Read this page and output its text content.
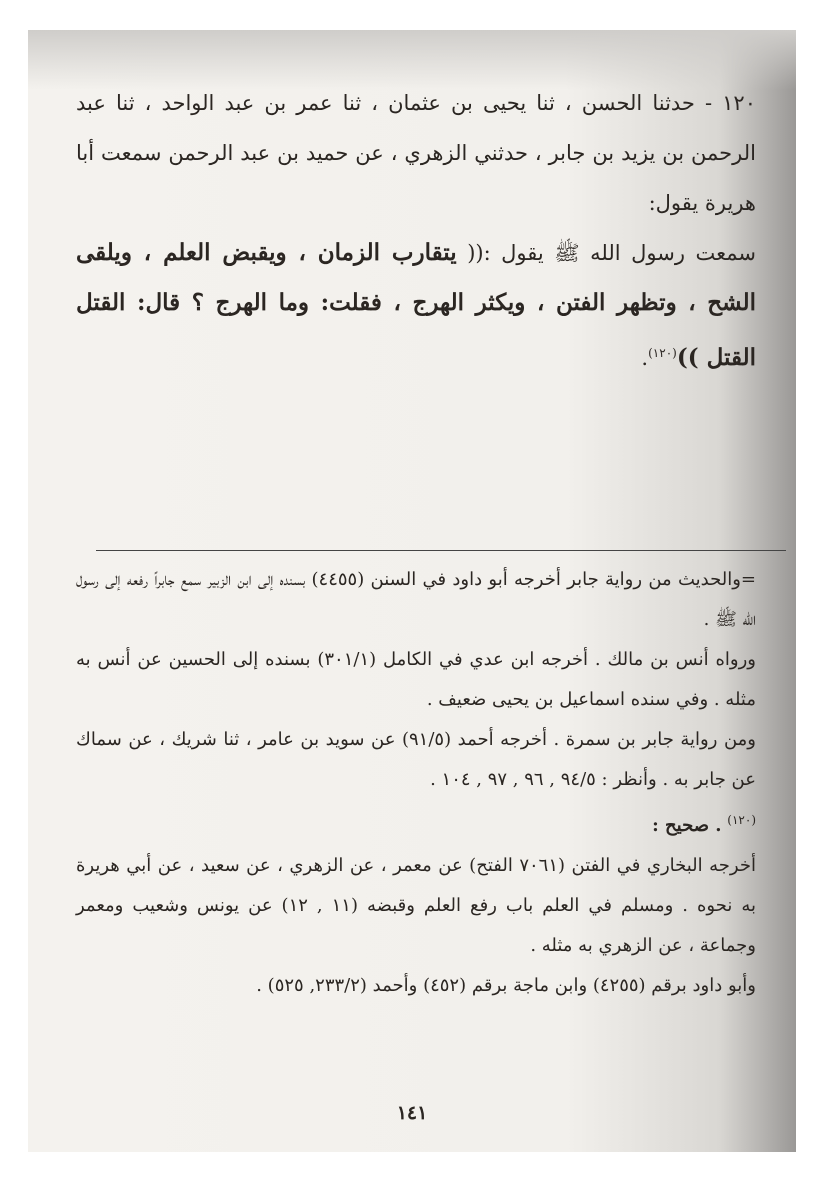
١٢٠ - حدثنا الحسن ، ثنا يحيى بن عثمان ، ثنا عمر بن عبد الواحد ، ثنا عبد الرحمن بن يزيد بن جابر ، حدثني الزهري ، عن حميد بن عبد الرحمن سمعت أبا هريرة يقول:

سمعت رسول الله ﷺ يقول :(( يتقارب الزمان ، ويقبض العلم ، ويلقى الشح ، وتظهر الفتن ، ويكثر الهرج ، فقلت: وما الهرج ؟ قال: القتل القتل ))$^{(١٢٠)}$.

=والحديث من رواية جابر أخرجه أبو داود في السنن (٤٤٥٥) بسنده إلى ابن الزبير سمع جابراً رفعه إلى رسول الله ﷺ .

ورواه أنس بن مالك . أخرجه ابن عدي في الكامل (٣٠١/١) بسنده إلى الحسين عن أنس به مثله . وفي سنده اسماعيل بن يحيى ضعيف .

ومن رواية جابر بن سمرة . أخرجه أحمد (٩١/٥) عن سويد بن عامر ، ثنا شريك ، عن سماك عن جابر به . وأنظر : ٩٤/٥ , ٩٦ , ٩٧ , ١٠٤ .

$^{(١٢٠)}$ . صحيح :

أخرجه البخاري في الفتن (٧٠٦١ الفتح) عن معمر ، عن الزهري ، عن سعيد ، عن أبي هريرة به نحوه . ومسلم في العلم باب رفع العلم وقبضه (١١ , ١٢) عن يونس وشعيب ومعمر وجماعة ، عن الزهري به مثله .

وأبو داود برقم (٤٢٥٥) وابن ماجة برقم (٤٥٢) وأحمد (٢٣٣/٢, ٥٢٥) .

١٤١
